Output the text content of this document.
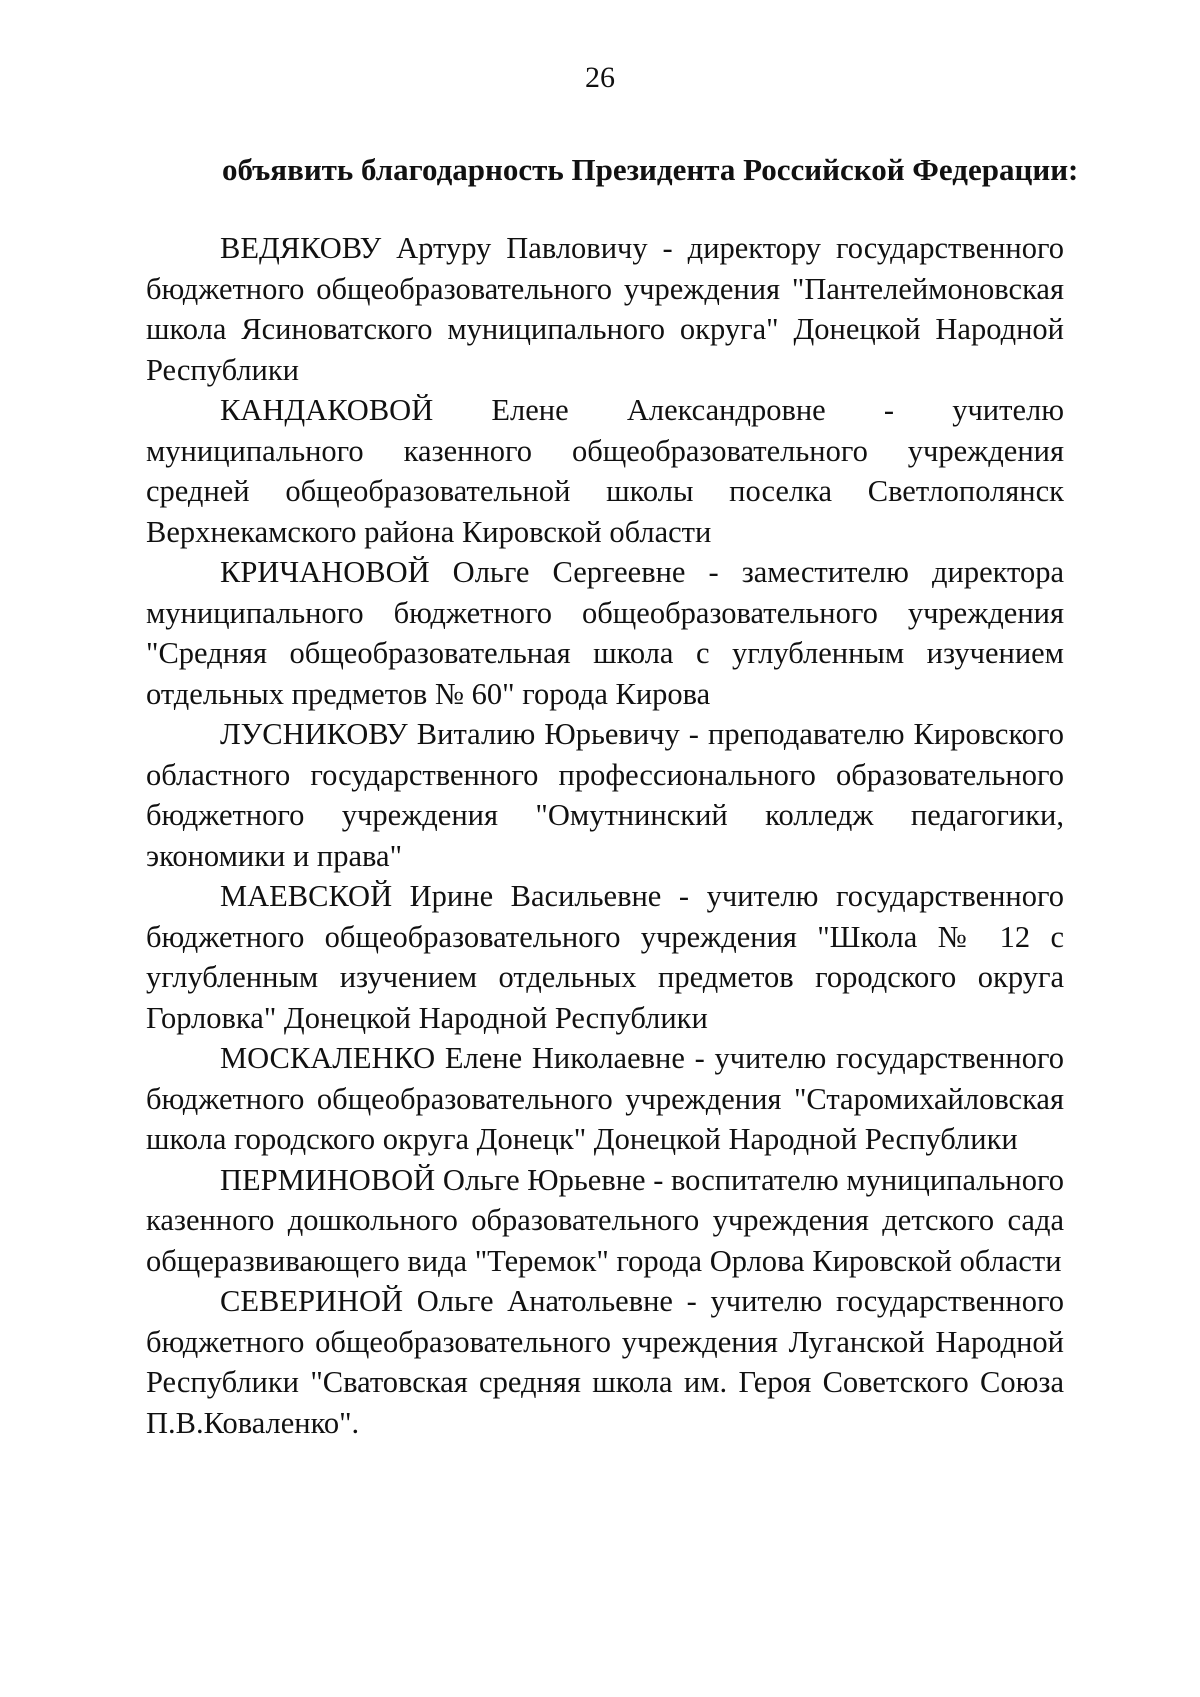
26
объявить благодарность Президента Российской Федерации:

ВЕДЯКОВУ Артуру Павловичу - директору государственного бюджетного общеобразовательного учреждения "Пантелеймоновская школа Ясиноватского муниципального округа" Донецкой Народной Республики

КАНДАКОВОЙ Елене Александровне - учителю муниципального казенного общеобразовательного учреждения средней общеобразовательной школы поселка Светлополянск Верхнекамского района Кировской области

КРИЧАНОВОЙ Ольге Сергеевне - заместителю директора муниципального бюджетного общеобразовательного учреждения "Средняя общеобразовательная школа с углубленным изучением отдельных предметов № 60" города Кирова

ЛУСНИКОВУ Виталию Юрьевичу - преподавателю Кировского областного государственного профессионального образовательного бюджетного учреждения "Омутнинский колледж педагогики, экономики и права"

МАЕВСКОЙ Ирине Васильевне - учителю государственного бюджетного общеобразовательного учреждения "Школа № 12 с углубленным изучением отдельных предметов городского округа Горловка" Донецкой Народной Республики

МОСКАЛЕНКО Елене Николаевне - учителю государственного бюджетного общеобразовательного учреждения "Старомихайловская школа городского округа Донецк" Донецкой Народной Республики

ПЕРМИНОВОЙ Ольге Юрьевне - воспитателю муниципального казенного дошкольного образовательного учреждения детского сада общеразвивающего вида "Теремок" города Орлова Кировской области

СЕВЕРИНОЙ Ольге Анатольевне - учителю государственного бюджетного общеобразовательного учреждения Луганской Народной Республики "Сватовская средняя школа им. Героя Советского Союза П.В.Коваленко".
